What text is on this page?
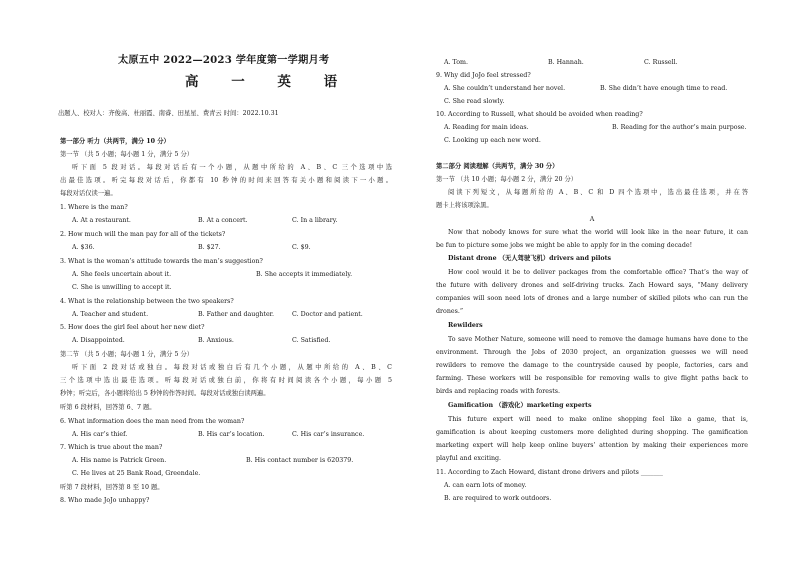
太原五中 2022—2023 学年度第一学期月考
高 一 英 语
出题人、校对人：齐俊高、杜丽霞、南睿、田星星、费青云 时间：2022.10.31
第一部分 听力（共两节，满分 10 分）
第一节 （共 5 小题；每小题 1 分，满分 5 分）
听下面 5 段对话。每段对话后有一个小题，从题中所给的 A、B、C 三个选项中选
出最佳选项。听完每段对话后，你都有 10 秒钟的时间来回答有关小题和阅读下一小题。
每段对话仅读一遍。
1. Where is the man?
A. At a restaurant.	B. At a concert.	C. In a library.
2. How much will the man pay for all of the tickets?
A. $36.	B. $27.	C. $9.
3. What is the woman’s attitude towards the man’s suggestion?
A. She feels uncertain about it.	B. She accepts it immediately.
C. She is unwilling to accept it.
4. What is the relationship between the two speakers?
A. Teacher and student.	B. Father and daughter.	C. Doctor and patient.
5. How does the girl feel about her new diet?
A. Disappointed.	B. Anxious.	C. Satisfied.
第二节 （共 5 小题；每小题 1 分，满分 5 分）
听下面 2 段对话或独白。每段对话或独白后有几个小题，从题中所给的 A、B、C
三个选项中选出最佳选项。听每段对话或独白前，你将有时间阅读各个小题，每小题 5
秒钟；听完后，各小题将给出 5 秒钟的作答时间。每段对话或独白读两遍。
听第 6 段材料，回答第 6、7 题。
6. What information does the man need from the woman?
A. His car’s thief.	B. His car’s location.	C. His car’s insurance.
7. Which is true about the man?
A. His name is Patrick Green.	B. His contact number is 620379.
C. He lives at 25 Bank Road, Greendale.
听第 7 段材料，回答第 8 至 10 题。
8. Who made JoJo unhappy?
A. Tom.	B. Hannah.	C. Russell.
9. Why did JoJo feel stressed?
A. She couldn’t understand her novel.	B. She didn’t have enough time to read.
C. She read slowly.
10. According to Russell, what should be avoided when reading?
A. Reading for main ideas.	B. Reading for the author’s main purpose.
C. Looking up each new word.
第二部分 阅读理解（共两节，满分 30 分）
第一节 （共 10 小题；每小题 2 分，满分 20 分）
阅读下列短文，从每题所给的 A、B、C 和 D 四个选项中，选出最佳选项，并在答
题卡上将该项涂黑。
A
Now that nobody knows for sure what the world will look like in the near future, it can
be fun to picture some jobs we might be able to apply for in the coming decade!
Distant drone （无人驾驶飞机）drivers and pilots
How cool would it be to deliver packages from the comfortable office? That’s the way of
the future with delivery drones and self-driving trucks. Zach Howard says, “Many delivery
companies will soon need lots of drones and a large number of skilled pilots who can run the
drones.”
Rewilders
To save Mother Nature, someone will need to remove the damage humans have done to the
environment. Through the Jobs of 2030 project, an organization guesses we will need
rewilders to remove the damage to the countryside caused by people, factories, cars and
farming. These workers will be responsible for removing walls to give flight paths back to
birds and replacing roads with forests.
Gamification （游戏化）marketing experts
This future expert will need to make online shopping feel like a game, that is,
gamification is about keeping customers more delighted during shopping. The gamification
marketing expert will help keep online buyers’ attention by making their experiences more
playful and exciting.
11. According to Zach Howard, distant drone drivers and pilots _______
A. can earn lots of money.
B. are required to work outdoors.
